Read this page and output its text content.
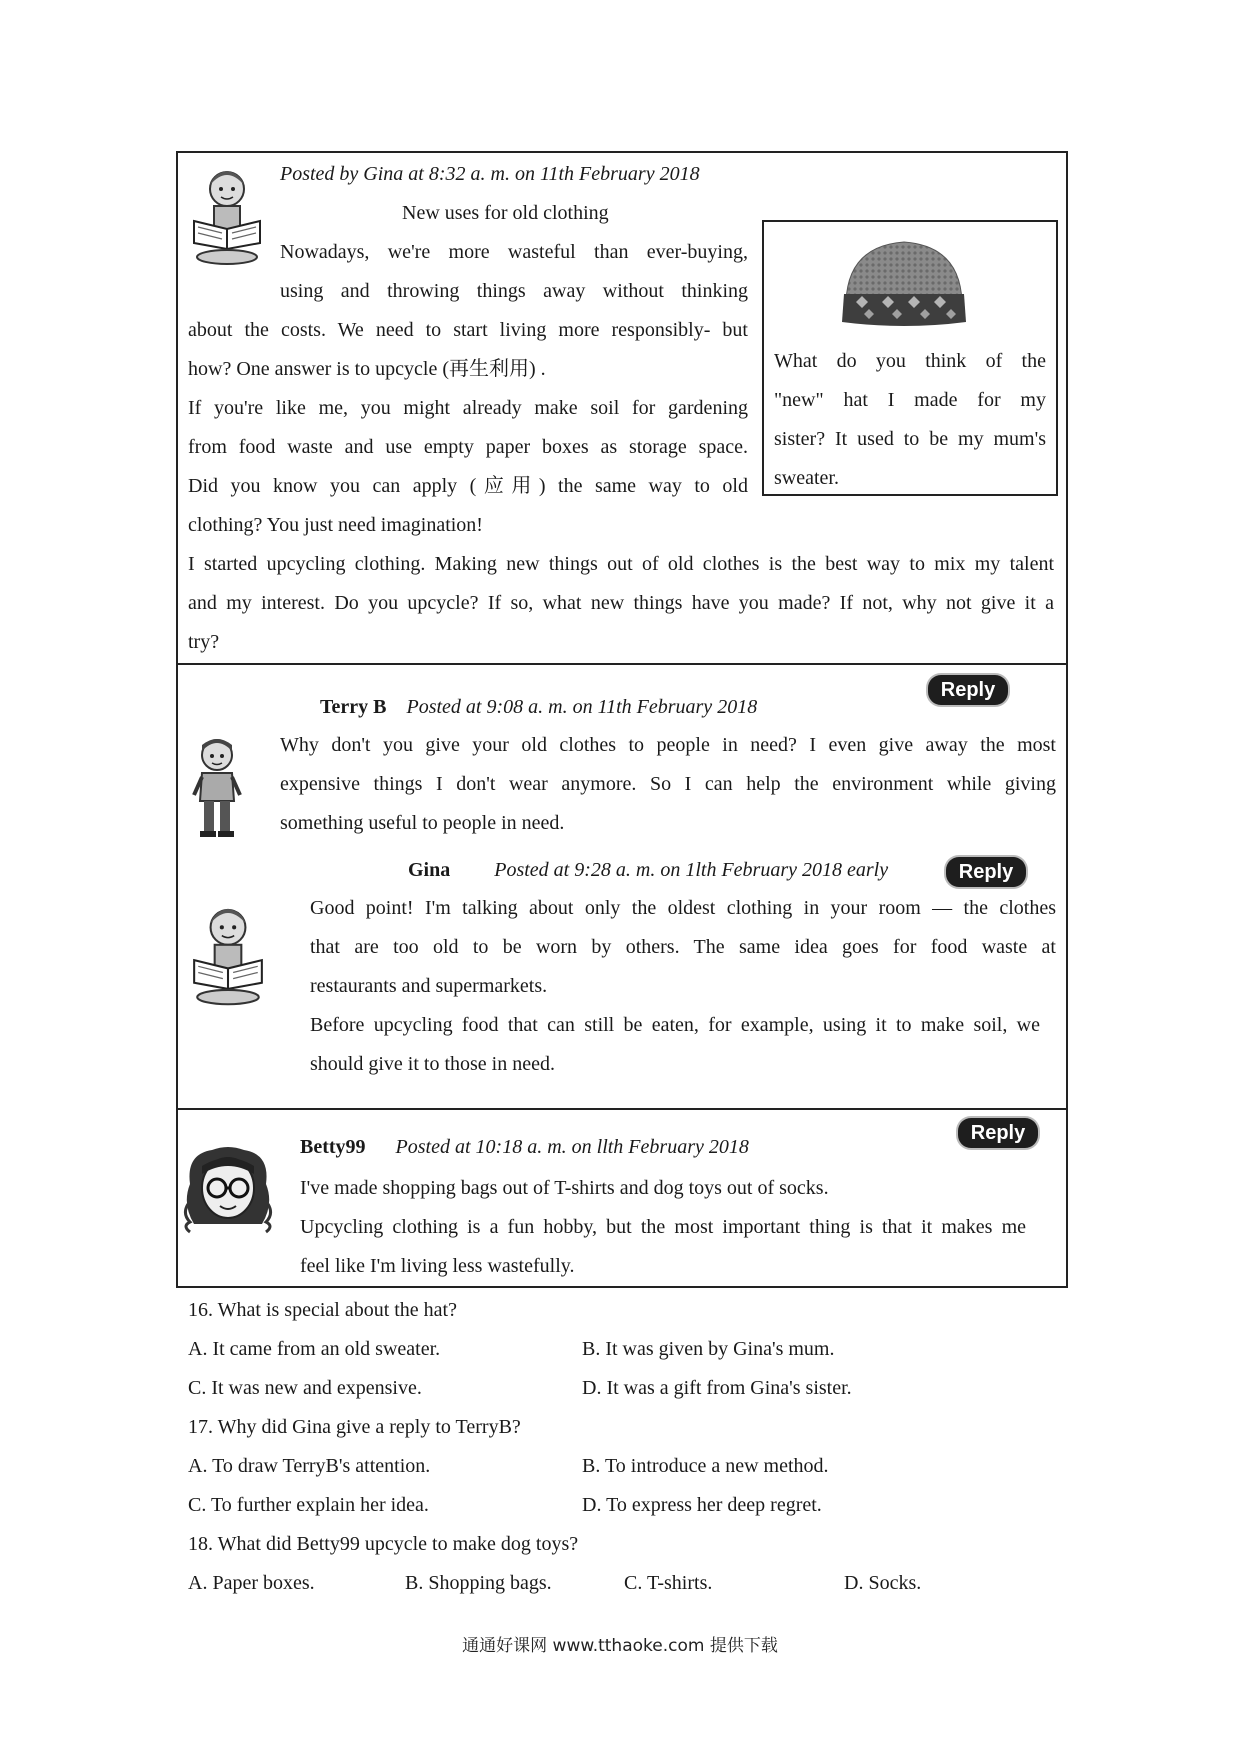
Posted by Gina at 8:32 a. m. on 11th February 2018
New uses for old clothing
Nowadays, we're more wasteful than ever-buying,
using and throwing things away without thinking
about the costs. We need to start living more responsibly- but
how? One answer is to upcycle (再生利用) .
If you're like me, you might already make soil for gardening
from food waste and use empty paper boxes as storage space.
Did you know you can apply (应用) the same way to old
clothing? You just need imagination!
I started upcycling clothing. Making new things out of old clothes is the best way to mix my talent
and my interest. Do you upcycle? If so, what new things have you made? If not, why not give it a
try?
What do you think of the
"new" hat I made for my
sister? It used to be my mum's
sweater.
Reply
Terry B Posted at 9:08 a. m. on 11th February 2018
Why don't you give your old clothes to people in need? I even give away the most
expensive things I don't wear anymore. So I can help the environment while giving
something useful to people in need.
Reply
Gina Posted at 9:28 a. m. on 1lth February 2018 early
Good point! I'm talking about only the oldest clothing in your room — the clothes
that are too old to be worn by others. The same idea goes for food waste at
restaurants and supermarkets.
Before upcycling food that can still be eaten, for example, using it to make soil, we
should give it to those in need.
Reply
Betty99 Posted at 10:18 a. m. on llth February 2018
I've made shopping bags out of T-shirts and dog toys out of socks.
Upcycling clothing is a fun hobby, but the most important thing is that it makes me
feel like I'm living less wastefully.
16. What is special about the hat?
A. It came from an old sweater.	B. It was given by Gina's mum.
C. It was new and expensive.	D. It was a gift from Gina's sister.
17. Why did Gina give a reply to TerryB?
A. To draw TerryB's attention.	B. To introduce a new method.
C. To further explain her idea.	D. To express her deep regret.
18. What did Betty99 upcycle to make dog toys?
A. Paper boxes.	B. Shopping bags.	C. T-shirts.	D. Socks.
通通好课网 www.tthaoke.com 提供下载
